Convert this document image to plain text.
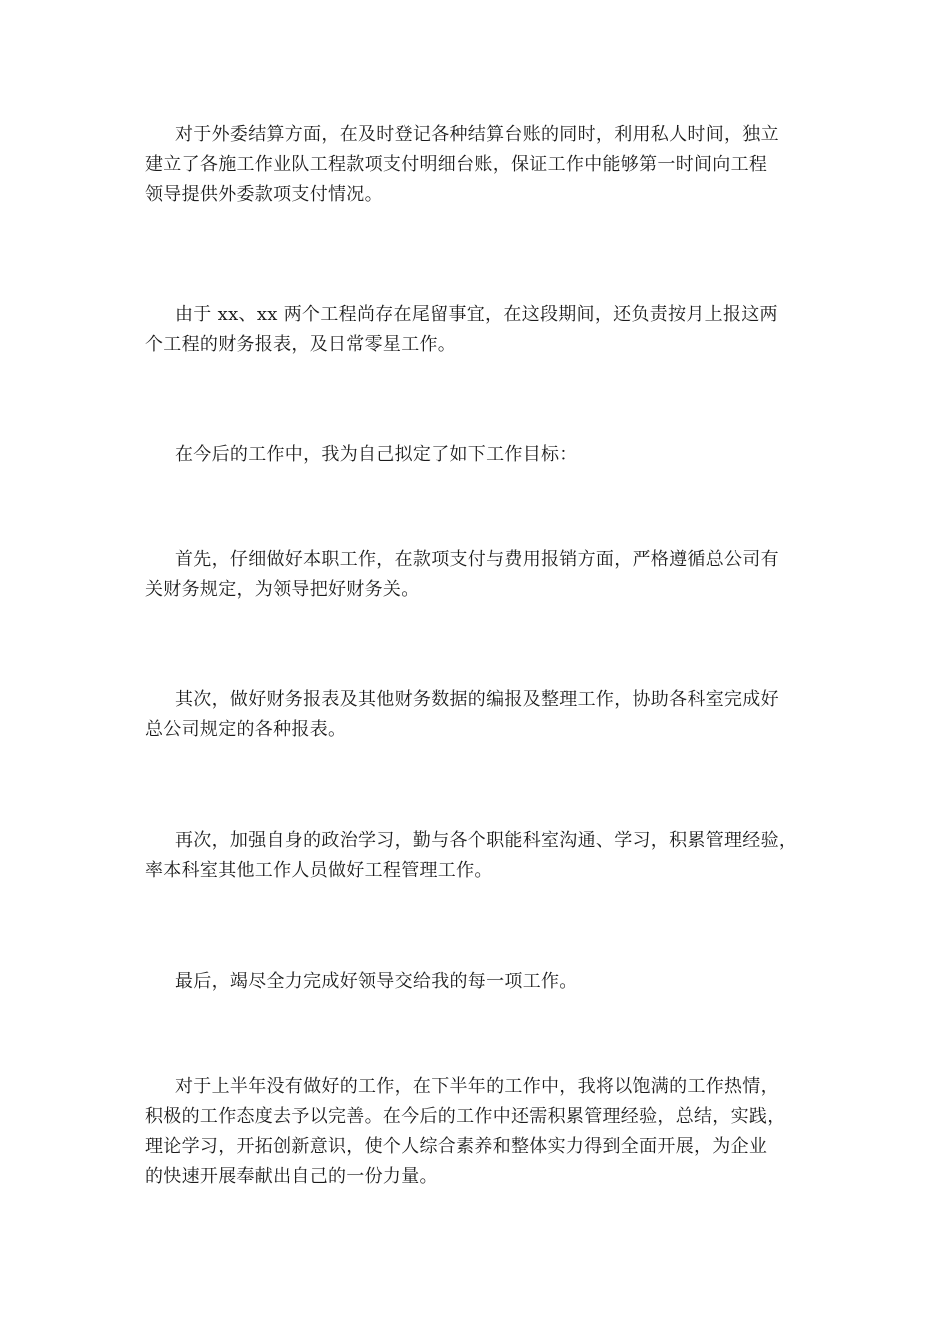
对于外委结算方面，在及时登记各种结算台账的同时，利用私人时间，独立
建立了各施工作业队工程款项支付明细台账，保证工作中能够第一时间向工程
领导提供外委款项支付情况。

由于 xx、xx 两个工程尚存在尾留事宜，在这段期间，还负责按月上报这两
个工程的财务报表，及日常零星工作。

在今后的工作中，我为自己拟定了如下工作目标：

首先，仔细做好本职工作，在款项支付与费用报销方面，严格遵循总公司有
关财务规定，为领导把好财务关。

其次，做好财务报表及其他财务数据的编报及整理工作，协助各科室完成好
总公司规定的各种报表。

再次，加强自身的政治学习，勤与各个职能科室沟通、学习，积累管理经验，
率本科室其他工作人员做好工程管理工作。

最后，竭尽全力完成好领导交给我的每一项工作。

对于上半年没有做好的工作，在下半年的工作中，我将以饱满的工作热情，
积极的工作态度去予以完善。在今后的工作中还需积累管理经验，总结，实践，
理论学习，开拓创新意识，使个人综合素养和整体实力得到全面开展，为企业
的快速开展奉献出自己的一份力量。
